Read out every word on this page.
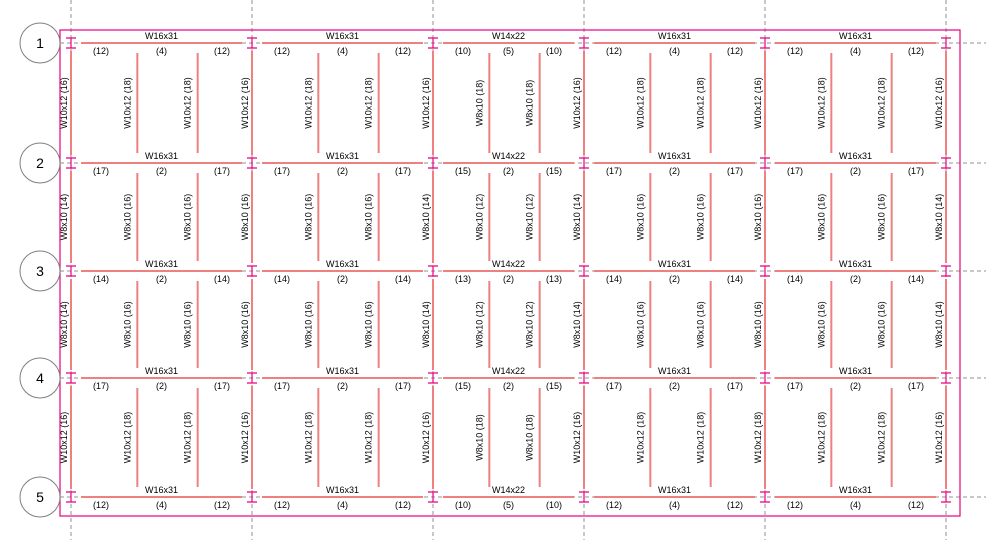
1
2
3
4
5
W16x31
(12)	(4)	(12)
W16x31
(12)	(4)	(12)
W14x22
(10)	(5)	(10)
W16x31
(12)	(4)	(12)
W16x31
(12)	(4)	(12)
W16x31
(17)	(2)	(17)
W16x31
(17)	(2)	(17)
W14x22
(15)	(2)	(15)
W16x31
(17)	(2)	(17)
W16x31
(17)	(2)	(17)
W16x31
(14)	(2)	(14)
W16x31
(14)	(2)	(14)
W14x22
(13)	(2)	(13)
W16x31
(14)	(2)	(14)
W16x31
(14)	(2)	(14)
W16x31
(17)	(2)	(17)
W16x31
(17)	(2)	(17)
W14x22
(15)	(2)	(15)
W16x31
(17)	(2)	(17)
W16x31
(17)	(2)	(17)
W16x31
(12)	(4)	(12)
W16x31
(12)	(4)	(12)
W14x22
(10)	(5)	(10)
W16x31
(12)	(4)	(12)
W16x31
(12)	(4)	(12)
W10x12 (16)	W10x12 (16)	W10x12 (16)	W10x12 (16)	W10x12 (16)	W10x12 (16)
W10x12 (18)	W10x12 (18)	W10x12 (18)	W10x12 (18)	W8x10 (18)	W8x10 (18)	W10x12 (18)	W10x12 (18)	W10x12 (18)	W10x12 (18)
W8x10 (14)	W8x10 (16)	W8x10 (14)	W8x10 (14)	W8x10 (16)	W8x10 (14)
W8x10 (16)	W8x10 (16)	W8x10 (16)	W8x10 (16)	W8x10 (12)	W8x10 (12)	W8x10 (16)	W8x10 (16)	W8x10 (16)	W8x10 (16)
W8x10 (14)	W8x10 (16)	W8x10 (14)	W8x10 (14)	W8x10 (16)	W8x10 (14)
W8x10 (16)	W8x10 (16)	W8x10 (16)	W8x10 (16)	W8x10 (12)	W8x10 (12)	W8x10 (16)	W8x10 (16)	W8x10 (16)	W8x10 (16)
W10x12 (16)	W10x12 (16)	W10x12 (16)	W10x12 (16)	W10x12 (18)	W10x12 (16)
W10x12 (18)	W10x12 (18)	W10x12 (18)	W10x12 (18)	W8x10 (18)	W8x10 (18)	W10x12 (18)	W10x12 (18)	W10x12 (18)	W10x12 (18)
